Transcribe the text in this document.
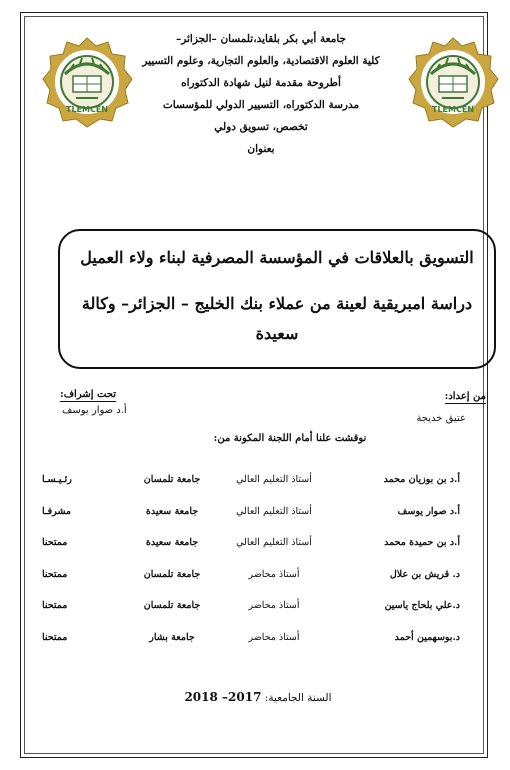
TLEMCEN	TLEMCEN
جامعة أبي بكر بلقايد،تلمسان –الجزائر–
كلية العلوم الاقتصادية، والعلوم التجارية، وعلوم التسيير
أطروحة مقدمة لنيل شهادة الدكتوراه
مدرسة الدكتوراه، التسيير الدولي للمؤسسات
تخصص، تسويق دولي
بعنوان
التسويق بالعلاقات في المؤسسة المصرفية لبناء ولاء العميل
دراسة امبريقية لعينة من عملاء بنك الخليج – الجزائر– وكالة
سعيدة
من إعداد:
عتيق خديجة
تحت إشراف:
أ.د صوار يوسف
نوقشت علنا أمام اللجنة المكونة من:
أ.د بن بوزيان محمد
أستاذ التعليم العالي
جامعة تلمسان
رئـيـسـا
أ.د صوار يوسف
أستاذ التعليم العالي
جامعة سعيدة
مشرفـا
أ.د بن حميدة محمد
أستاذ التعليم العالي
جامعة سعيدة
ممتحنا
د. قريش بن علال
أستاذ محاضر
جامعة تلمسان
ممتحنا
د.علي بلحاج ياسين
أستاذ محاضر
جامعة تلمسان
ممتحنا
د.بوسهمين أحمد
أستاذ محاضر
جامعة بشار
ممتحنا
السنة الجامعية: 2017– 2018
